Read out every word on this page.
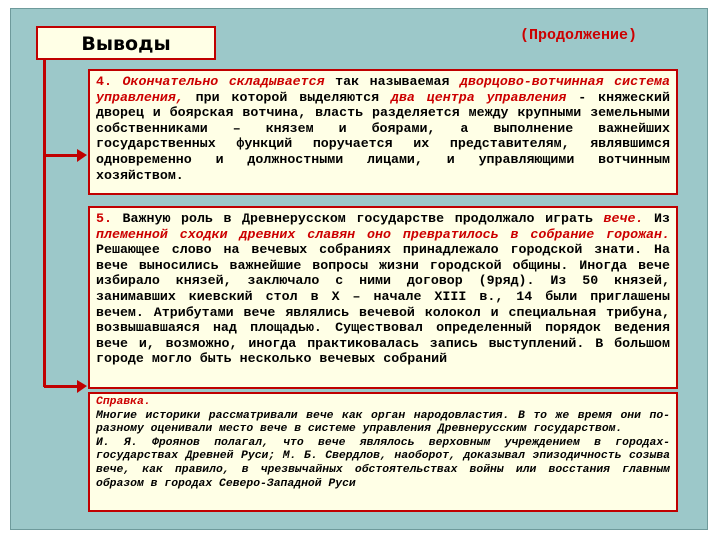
Выводы	(Продолжение)
4. Окончательно складывается так называемая дворцово-вотчинная система управления, при которой выделяются два центра управления - княжеский дворец и боярская вотчина, власть разделяется между крупными земельными собственниками – князем и боярами, а выполнение важнейших государственных функций поручается их представителям, являвшимся одновременно и должностными лицами, и управляющими вотчинным хозяйством.
5. Важную роль в Древнерусском государстве продолжало играть вече. Из племенной сходки древних славян оно превратилось в собрание горожан. Решающее слово на вечевых собраниях принадлежало городской знати. На вече выносились важнейшие вопросы жизни городской общины. Иногда вече избирало князей, заключало с ними договор (9ряд). Из 50 князей, занимавших киевский стол в X – начале XIII в., 14 были приглашены вечем. Атрибутами вече являлись вечевой колокол и специальная трибуна, возвышавшаяся над площадью. Существовал определенный порядок ведения вече и, возможно, иногда практиковалась запись выступлений. В большом городе могло быть несколько вечевых собраний
Справка.
Многие историки рассматривали вече как орган народовластия. В то же время они по-разному оценивали место вече в системе управления Древнерусским государством.
И. Я. Фроянов полагал, что вече являлось верховным учреждением в городах-государствах Древней Руси; М. Б. Свердлов, наоборот, доказывал эпизодичность созыва вече, как правило, в чрезвычайных обстоятельствах войны или восстания главным образом в городах Северо-Западной Руси
